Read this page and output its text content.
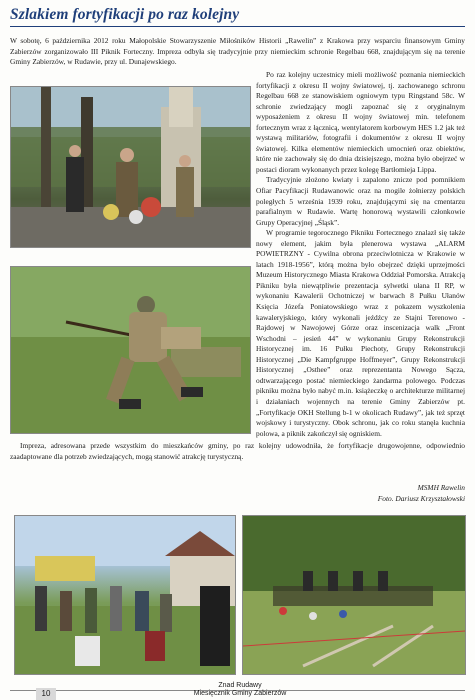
Szlakiem fortyfikacji po raz kolejny
W sobotę, 6 października 2012 roku Małopolskie Stowarzyszenie Miłośników Historii „Rawelin” z Krakowa przy wsparciu finansowym Gminy Zabierzów zorganizowało III Piknik Forteczny. Impreza odbyła się tradycyjnie przy niemieckim schronie Regelbau 668, znajdującym się na terenie Gminy Zabierzów, w Rudawie, przy ul. Dunajewskiego.

Po raz kolejny uczestnicy mieli możliwość poznania niemieckich fortyfikacji z okresu II wojny światowej, tj. zachowanego schronu Regelbau 668 ze stanowiskiem ogniowym typu Ringstand 58c. W schronie zwiedzający mogli zapoznać się z oryginalnym wyposażeniem z okresu II wojny światowej min. telefonem fortecznym wraz z łącznicą, wentylatorem korbowym HES 1.2 jak też wystawą militariów, fotografii i dokumentów z okresu II wojny światowej. Kilka elementów niemieckich umocnień oraz obiektów, które nie zachowały się do dnia dzisiejszego, można było obejrzeć w postaci dioram wykonanych przez kolegę Bartłomieja Lippa.

Tradycyjnie złożono kwiaty i zapalono znicze pod pomnikiem Ofiar Pacyfikacji Rudawanowic oraz na mogile żołnierzy polskich poległych 5 września 1939 roku, znajdującymi się na cmentarzu parafialnym w Rudawie. Wartę honorową wystawili członkowie Grupy Operacyjnej „Śląsk”.

W programie tegorocznego Pikniku Fortecznego znalazł się także nowy element, jakim była plenerowa wystawa „ALARM POWIETRZNY - Cywilna obrona przeciwlotnicza w Krakowie w latach 1918-1956”, którą można było obejrzeć dzięki uprzejmości Muzeum Historycznego Miasta Krakowa Oddział Pomorska. Atrakcją Pikniku była niewątpliwie prezentacja sylwetki ułana II RP, w wykonaniu Kawalerii Ochotniczej w barwach 8 Pułku Ułanów Księcia Józefa Poniatowskiego wraz z pokazem wyszkolenia kawaleryjskiego, który wykonali jeźdźcy ze Stajni Terenowo - Rajdowej w Nawojowej Górze oraz inscenizacja walk „Front Wschodni – jesień 44” w wykonaniu Grupy Rekonstrukcji Historycznej im. 16 Pułku Piechoty, Grupy Rekonstrukcji Historycznej „Die Kampfgruppe Hoffmeyer”, Grupy Rekonstrukcji Historycznej „Osthee” oraz reprezentanta Nowego Sącza, odtwarzającego postać niemieckiego żandarma polowego. Podczas pikniku można było nabyć m.in. książeczkę o architekturze militarnej i działaniach wojennych na terenie Gminy Zabierzów pt. „Fortyfikacje OKH Stellung b-1 w okolicach Rudawy”, jak też sprzęt wojskowy i turystyczny. Obok schronu, jak co roku stanęła kuchnia polowa, a piknik zakończył się ogniskiem.

Impreza, adresowana przede wszystkim do mieszkańców gminy, po raz kolejny udowodniła, że fortyfikacje drugowojenne, odpowiednio zaadaptowane dla potrzeb zwiedzających, mogą stanowić atrakcję turystyczną.

MSMH Rawelin
Foto. Dariusz Krzyształowski
10
Znad Rudawy
Miesięcznik Gminy Zabierzów
